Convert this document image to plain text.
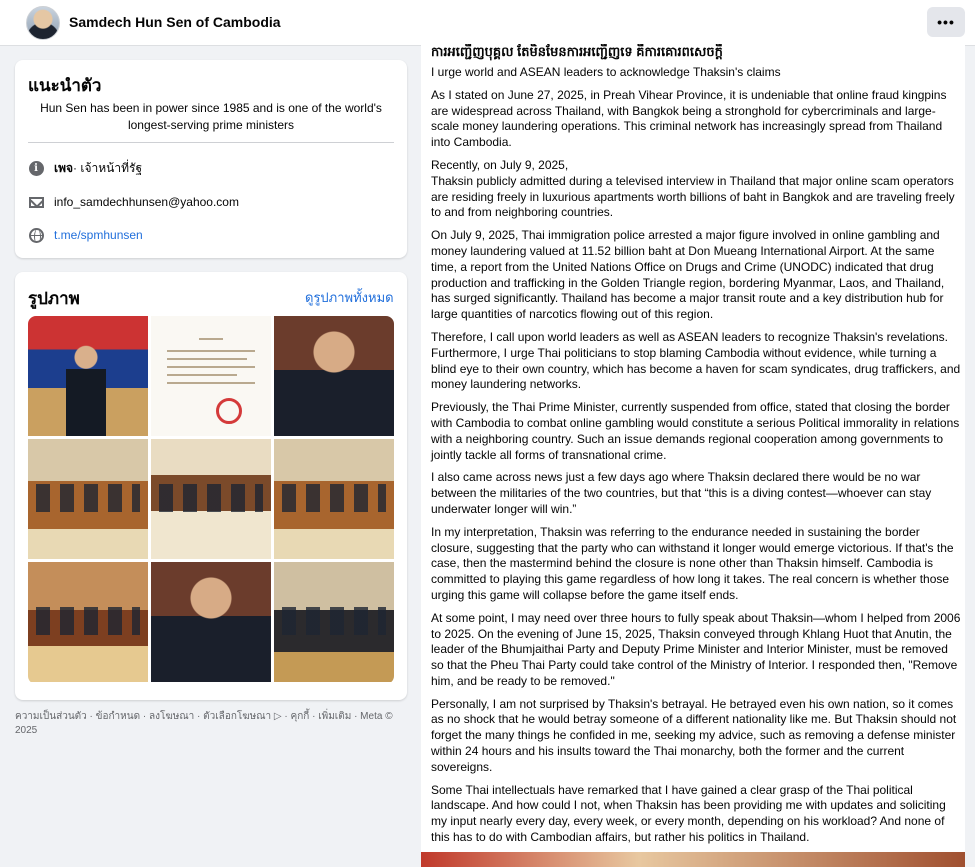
Samdech Hun Sen of Cambodia	•••
แนะนำตัว
Hun Sen has been in power since 1985 and is one of the world's longest-serving prime ministers
i	เพจ · เจ้าหน้าที่รัฐ
info_samdechhunsen@yahoo.com
t.me/spmhunsen
รูปภาพ	ดูรูปภาพทั้งหมด
ความเป็นส่วนตัว · ข้อกำหนด · ลงโฆษณา · ตัวเลือกโฆษณา ▷ · คุกกี้ · เพิ่มเติม · Meta © 2025
ការអញ្ជើញបុគ្គល តែមិនមែនការអញ្ជើញទេ គឺការគោរពសេចក្តី

I urge world and ASEAN leaders to acknowledge Thaksin's claims

As I stated on June 27, 2025, in Preah Vihear Province, it is undeniable that online fraud kingpins are widespread across Thailand, with Bangkok being a stronghold for cybercriminals and large-scale money laundering operations. This criminal network has increasingly spread from Thailand into Cambodia.

Recently, on July 9, 2025,
Thaksin publicly admitted during a televised interview in Thailand that major online scam operators are residing freely in luxurious apartments worth billions of baht in Bangkok and are traveling freely to and from neighboring countries.

On July 9, 2025, Thai immigration police arrested a major figure involved in online gambling and money laundering valued at 11.52 billion baht at Don Mueang International Airport. At the same time, a report from the United Nations Office on Drugs and Crime (UNODC) indicated that drug production and trafficking in the Golden Triangle region, bordering Myanmar, Laos, and Thailand, has surged significantly. Thailand has become a major transit route and a key distribution hub for large quantities of narcotics flowing out of this region.

Therefore, I call upon world leaders as well as ASEAN leaders to recognize Thaksin's revelations. Furthermore, I urge Thai politicians to stop blaming Cambodia without evidence, while turning a blind eye to their own country, which has become a haven for scam syndicates, drug traffickers, and money laundering networks.

Previously, the Thai Prime Minister, currently suspended from office, stated that closing the border with Cambodia to combat online gambling would constitute a serious Political immorality in relations with a neighboring country. Such an issue demands regional cooperation among governments to jointly tackle all forms of transnational crime.

I also came across news just a few days ago where Thaksin declared there would be no war between the militaries of the two countries, but that “this is a diving contest—whoever can stay underwater longer will win.”

In my interpretation, Thaksin was referring to the endurance needed in sustaining the border closure, suggesting that the party who can withstand it longer would emerge victorious. If that's the case, then the mastermind behind the closure is none other than Thaksin himself. Cambodia is committed to playing this game regardless of how long it takes. The real concern is whether those urging this game will collapse before the game itself ends.

At some point, I may need over three hours to fully speak about Thaksin—whom I helped from 2006 to 2025. On the evening of June 15, 2025, Thaksin conveyed through Khlang Huot that Anutin, the leader of the Bhumjaithai Party and Deputy Prime Minister and Interior Minister, must be removed so that the Pheu Thai Party could take control of the Ministry of Interior. I responded then, "Remove him, and be ready to be removed."

Personally, I am not surprised by Thaksin's betrayal. He betrayed even his own nation, so it comes as no shock that he would betray someone of a different nationality like me. But Thaksin should not forget the many things he confided in me, seeking my advice, such as removing a defense minister within 24 hours and his insults toward the Thai monarchy, both the former and the current sovereigns.

Some Thai intellectuals have remarked that I have gained a clear grasp of the Thai political landscape. And how could I not, when Thaksin has been providing me with updates and soliciting my input nearly every day, every week, or every month, depending on his workload? And none of this has to do with Cambodian affairs, but rather his politics in Thailand.
